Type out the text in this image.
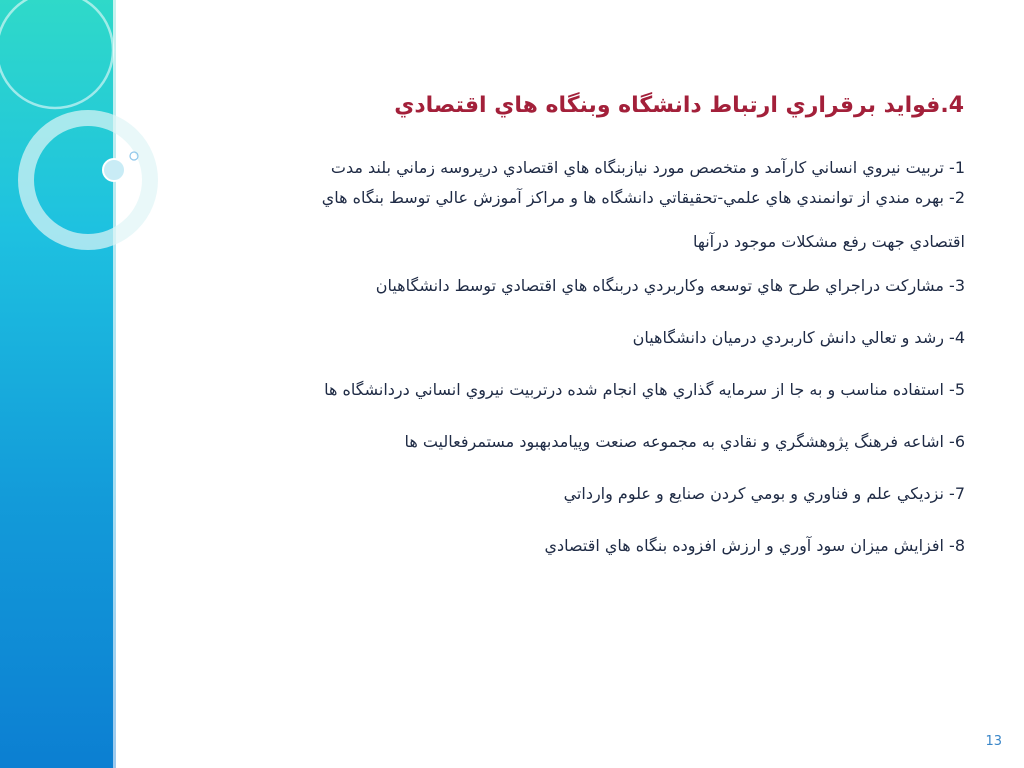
4.فوايد برقراري ارتباط دانشگاه وبنگاه هاي اقتصادي

1- تربيت نيروي انساني كارآمد و متخصص مورد نيازبنگاه هاي اقتصادي درپروسه زماني بلند مدت

2- بهره مندي از توانمندي هاي علمي-تحقيقاتي دانشگاه ها و مراكز آموزش عالي توسط بنگاه هاي

اقتصادي جهت رفع مشكلات موجود درآنها

3- مشاركت دراجراي طرح هاي توسعه وكاربردي دربنگاه هاي اقتصادي توسط دانشگاهيان

4- رشد و تعالي دانش كاربردي درميان دانشگاهيان

5- استفاده مناسب و به جا از سرمايه گذاري هاي انجام شده درتربيت نيروي انساني دردانشگاه ها

6- اشاعه فرهنگ پژوهشگري و نقادي به مجموعه صنعت وپيامدبهبود مستمرفعاليت ها

7- نزديكي علم و فناوري و بومي كردن صنايع و علوم وارداتي

8- افزايش ميزان سود آوري و ارزش افزوده بنگاه هاي اقتصادي

13
